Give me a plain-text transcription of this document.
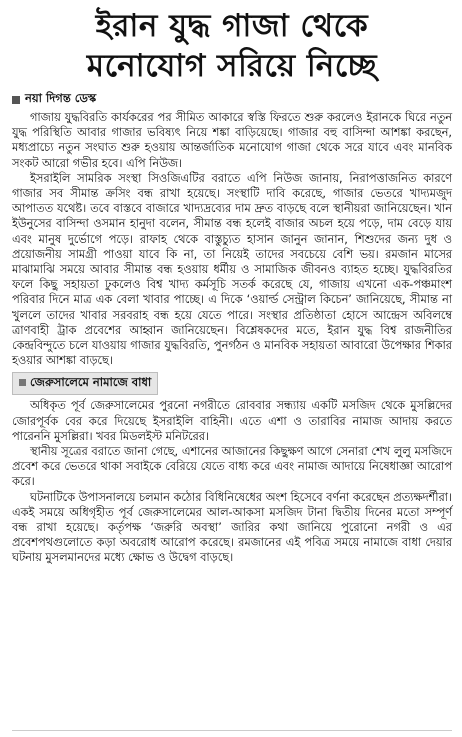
ইরান যুদ্ধ গাজা থেকে
মনোযোগ সরিয়ে নিচ্ছে
নয়া দিগন্ত ডেস্ক

গাজায় যুদ্ধবিরতি কার্যকরের পর সীমিত আকারে স্বস্তি ফিরতে শুরু করলেও ইরানকে ঘিরে নতুন যুদ্ধ পরিস্থিতি আবার গাজার ভবিষ্যৎ নিয়ে শঙ্কা বাড়িয়েছে। গাজার বহু বাসিন্দা আশঙ্কা করছেন, মধ্যপ্রাচ্যে নতুন সংঘাত শুরু হওয়ায় আন্তর্জাতিক মনোযোগ গাজা থেকে সরে যাবে এবং মানবিক সংকট আরো গভীর হবে। এপি নিউজ।

ইসরাইলি সামরিক সংস্থা সিওজিএটির বরাতে এপি নিউজ জানায়, নিরাপত্তাজনিত কারণে গাজার সব সীমান্ত ক্রসিং বন্ধ রাখা হয়েছে। সংস্থাটি দাবি করেছে, গাজার ভেতরে খাদ্যমজুদ আপাতত যথেষ্ট। তবে বাস্তবে বাজারে খাদ্যদ্রব্যের দাম দ্রুত বাড়ছে বলে স্থানীয়রা জানিয়েছেন। খান ইউনুসের বাসিন্দা ওসমান হানুদা বলেন, সীমান্ত বন্ধ হলেই বাজার অচল হয়ে পড়ে, দাম বেড়ে যায় এবং মানুষ দুর্ভোগে পড়ে। রাফাহ থেকে বাস্তুচ্যুত হাসান জানুন জানান, শিশুদের জন্য দুধ ও প্রয়োজনীয় সামগ্রী পাওয়া যাবে কি না, তা নিয়েই তাদের সবচেয়ে বেশি ভয়। রমজান মাসের মাঝামাঝি সময়ে আবার সীমান্ত বন্ধ হওয়ায় ধর্মীয় ও সামাজিক জীবনও ব্যাহত হচ্ছে। যুদ্ধবিরতির ফলে কিছু সহায়তা ঢুকলেও বিশ্ব খাদ্য কর্মসূচি সতর্ক করেছে যে, গাজায় এখনো এক-পঞ্চমাংশ পরিবার দিনে মাত্র এক বেলা খাবার পাচ্ছে। এ দিকে ‘ওয়ার্ল্ড সেন্ট্রাল কিচেন’ জানিয়েছে, সীমান্ত না খুললে তাদের খাবার সরবরাহ বন্ধ হয়ে যেতে পারে। সংস্থার প্রতিষ্ঠাতা হোসে আন্দ্রেস অবিলম্বে ত্রাণবাহী ট্রাক প্রবেশের আহ্বান জানিয়েছেন। বিশ্লেষকদের মতে, ইরান যুদ্ধ বিশ্ব রাজনীতির কেন্দ্রবিন্দুতে চলে যাওয়ায় গাজার যুদ্ধবিরতি, পুনর্গঠন ও মানবিক সহায়তা আবারো উপেক্ষার শিকার হওয়ার আশঙ্কা বাড়ছে।

জেরুসালেমে নামাজে বাধা

অধিকৃত পূর্ব জেরুসালেমের পুরনো নগরীতে রোববার সন্ধ্যায় একটি মসজিদ থেকে মুসল্লিদের জোরপূর্বক বের করে দিয়েছে ইসরাইলি বাহিনী। এতে এশা ও তারাবির নামাজ আদায় করতে পারেননি মুসল্লিরা। খবর মিডলইস্ট মনিটরের।

স্থানীয় সূত্রের বরাতে জানা গেছে, এশানের আজানের কিছুক্ষণ আগে সেনারা শেখ লুলু মসজিদে প্রবেশ করে ভেতরে থাকা সবাইকে বেরিয়ে যেতে বাধ্য করে এবং নামাজ আদায়ে নিষেধাজ্ঞা আরোপ করে।

ঘটনাটিকে উপাসনালয়ে চলমান কঠোর বিধিনিষেধের অংশ হিসেবে বর্ণনা করেছেন প্রত্যক্ষদর্শীরা। একই সময়ে অধিগৃহীত পূর্ব জেরুসালেমের আল-আকসা মসজিদ টানা দ্বিতীয় দিনের মতো সম্পূর্ণ বন্ধ রাখা হয়েছে। কর্তৃপক্ষ ‘জরুরি অবস্থা’ জারির কথা জানিয়ে পুরোনো নগরী ও এর প্রবেশপথগুলোতে কড়া অবরোধ আরোপ করেছে। রমজানের এই পবিত্র সময়ে নামাজে বাধা দেয়ার ঘটনায় মুসলমানদের মধ্যে ক্ষোভ ও উদ্বেগ বাড়ছে।
